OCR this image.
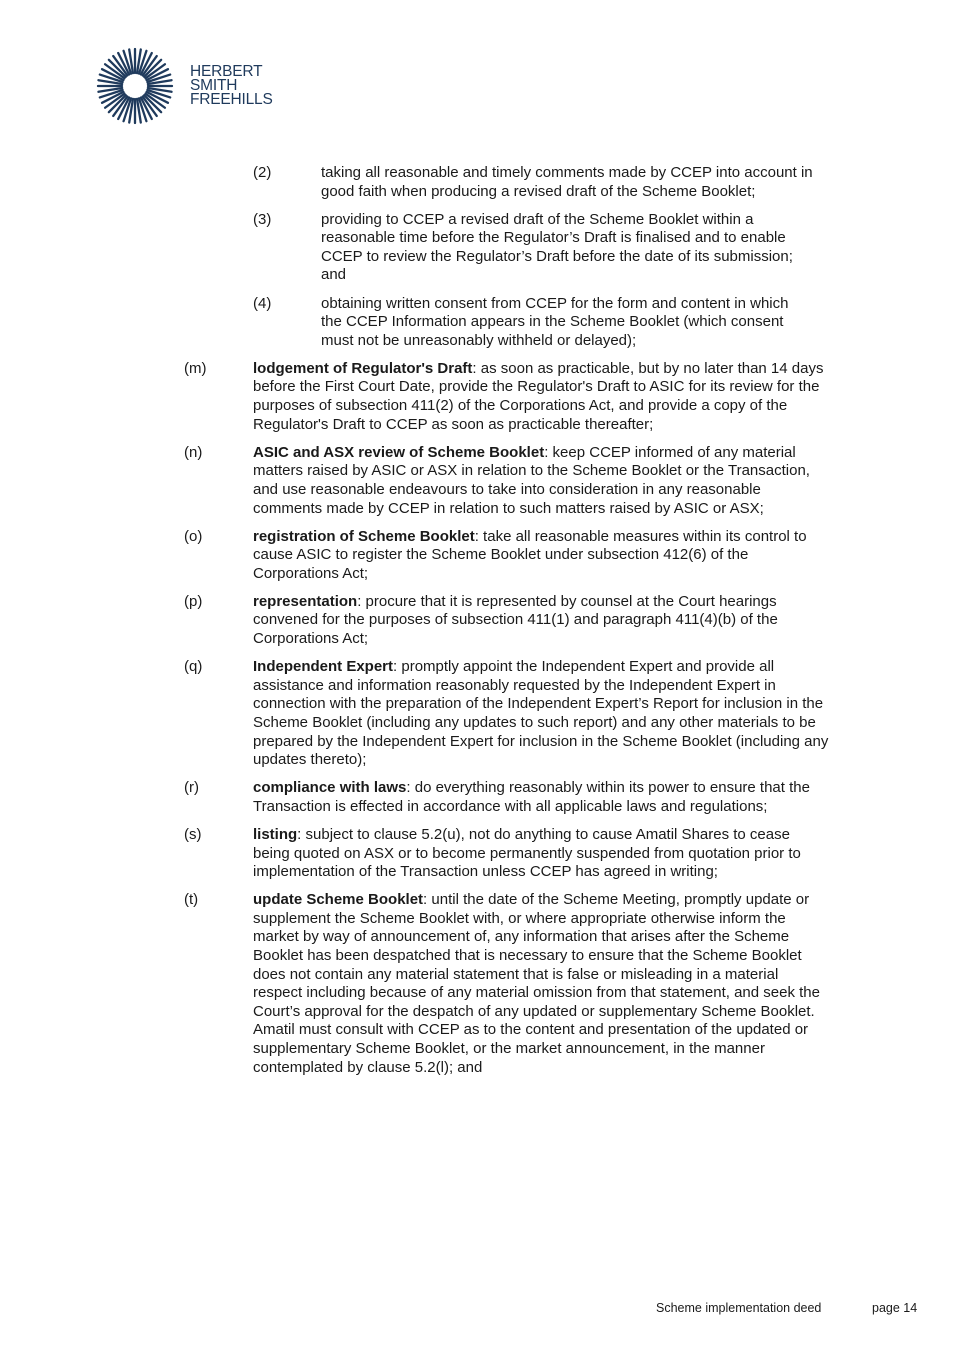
HERBERT
SMITH
FREEHILLS
(2)	taking all reasonable and timely comments made by CCEP into account in good faith when producing a revised draft of the Scheme Booklet;
(3)	providing to CCEP a revised draft of the Scheme Booklet within a reasonable time before the Regulator’s Draft is finalised and to enable CCEP to review the Regulator’s Draft before the date of its submission; and
(4)	obtaining written consent from CCEP for the form and content in which the CCEP Information appears in the Scheme Booklet (which consent must not be unreasonably withheld or delayed);
(m)	lodgement of Regulator's Draft: as soon as practicable, but by no later than 14 days before the First Court Date, provide the Regulator's Draft to ASIC for its review for the purposes of subsection 411(2) of the Corporations Act, and provide a copy of the Regulator's Draft to CCEP as soon as practicable thereafter;
(n)	ASIC and ASX review of Scheme Booklet: keep CCEP informed of any material matters raised by ASIC or ASX in relation to the Scheme Booklet or the Transaction, and use reasonable endeavours to take into consideration in any reasonable comments made by CCEP in relation to such matters raised by ASIC or ASX;
(o)	registration of Scheme Booklet: take all reasonable measures within its control to cause ASIC to register the Scheme Booklet under subsection 412(6) of the Corporations Act;
(p)	representation: procure that it is represented by counsel at the Court hearings convened for the purposes of subsection 411(1) and paragraph 411(4)(b) of the Corporations Act;
(q)	Independent Expert: promptly appoint the Independent Expert and provide all assistance and information reasonably requested by the Independent Expert in connection with the preparation of the Independent Expert’s Report for inclusion in the Scheme Booklet (including any updates to such report) and any other materials to be prepared by the Independent Expert for inclusion in the Scheme Booklet (including any updates thereto);
(r)	compliance with laws: do everything reasonably within its power to ensure that the Transaction is effected in accordance with all applicable laws and regulations;
(s)	listing: subject to clause 5.2(u), not do anything to cause Amatil Shares to cease being quoted on ASX or to become permanently suspended from quotation prior to implementation of the Transaction unless CCEP has agreed in writing;
(t)	update Scheme Booklet: until the date of the Scheme Meeting, promptly update or supplement the Scheme Booklet with, or where appropriate otherwise inform the market by way of announcement of, any information that arises after the Scheme Booklet has been despatched that is necessary to ensure that the Scheme Booklet does not contain any material statement that is false or misleading in a material respect including because of any material omission from that statement, and seek the Court’s approval for the despatch of any updated or supplementary Scheme Booklet. Amatil must consult with CCEP as to the content and presentation of the updated or supplementary Scheme Booklet, or the market announcement, in the manner contemplated by clause 5.2(l); and
Scheme implementation deed	page 14
